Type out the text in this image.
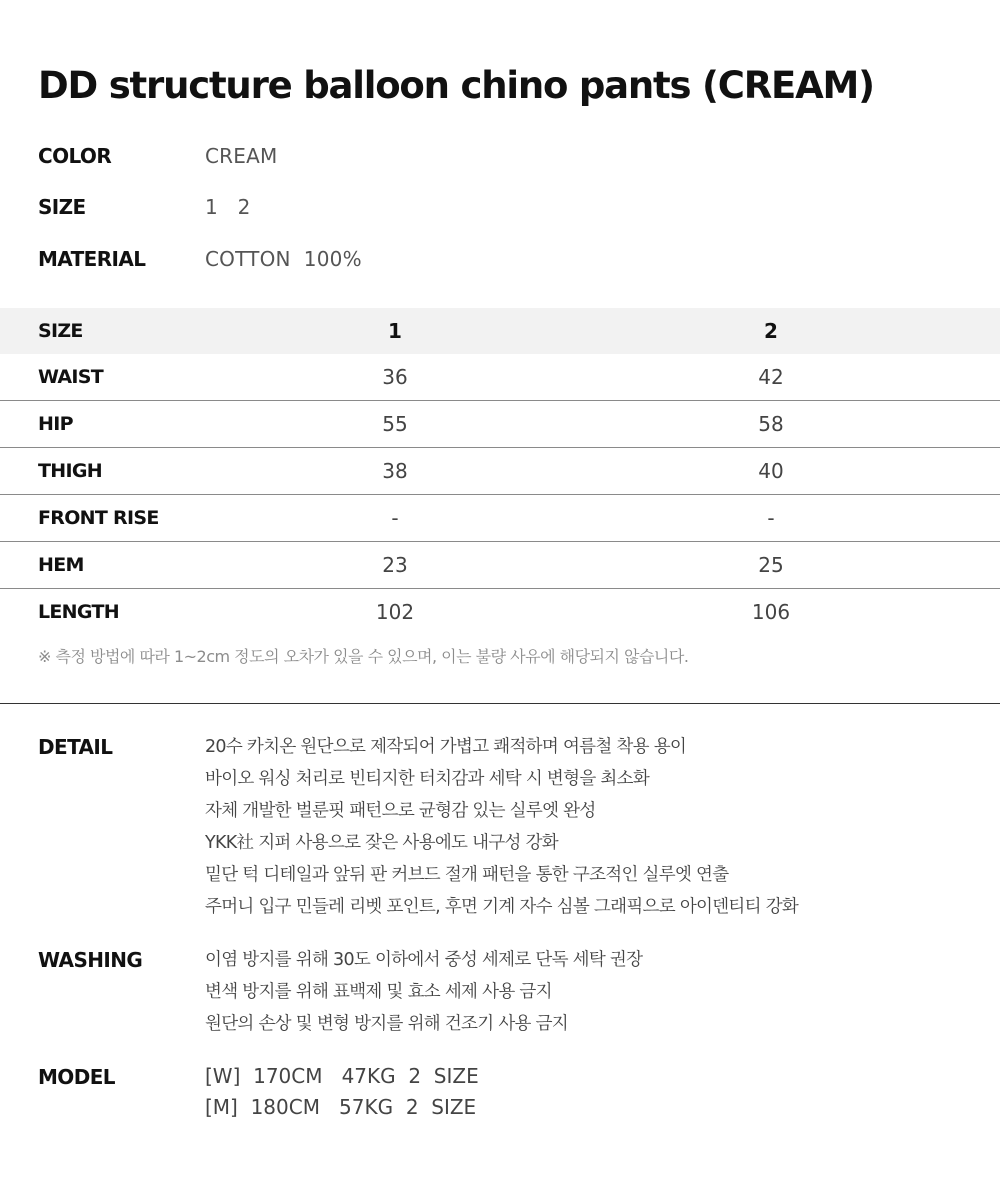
DD structure balloon chino pants (CREAM)
COLOR	CREAM
SIZE	1   2
MATERIAL	COTTON  100%
SIZE	1	2
WAIST	36	42
HIP	55	58
THIGH	38	40
FRONT RISE	-	-
HEM	23	25
LENGTH	102	106
※ 측정 방법에 따라 1~2cm 정도의 오차가 있을 수 있으며, 이는 불량 사유에 해당되지 않습니다.
DETAIL	20수 카치온 원단으로 제작되어 가볍고 쾌적하며 여름철 착용 용이
바이오 워싱 처리로 빈티지한 터치감과 세탁 시 변형을 최소화
자체 개발한 벌룬핏 패턴으로 균형감 있는 실루엣 완성
YKK社 지퍼 사용으로 잦은 사용에도 내구성 강화
밑단 턱 디테일과 앞뒤 판 커브드 절개 패턴을 통한 구조적인 실루엣 연출
주머니 입구 민들레 리벳 포인트, 후면 기계 자수 심볼 그래픽으로 아이덴티티 강화
WASHING	이염 방지를 위해 30도 이하에서 중성 세제로 단독 세탁 권장
변색 방지를 위해 표백제 및 효소 세제 사용 금지
원단의 손상 및 변형 방지를 위해 건조기 사용 금지
MODEL	[W]  170CM   47KG  2  SIZE
[M]  180CM   57KG  2  SIZE
